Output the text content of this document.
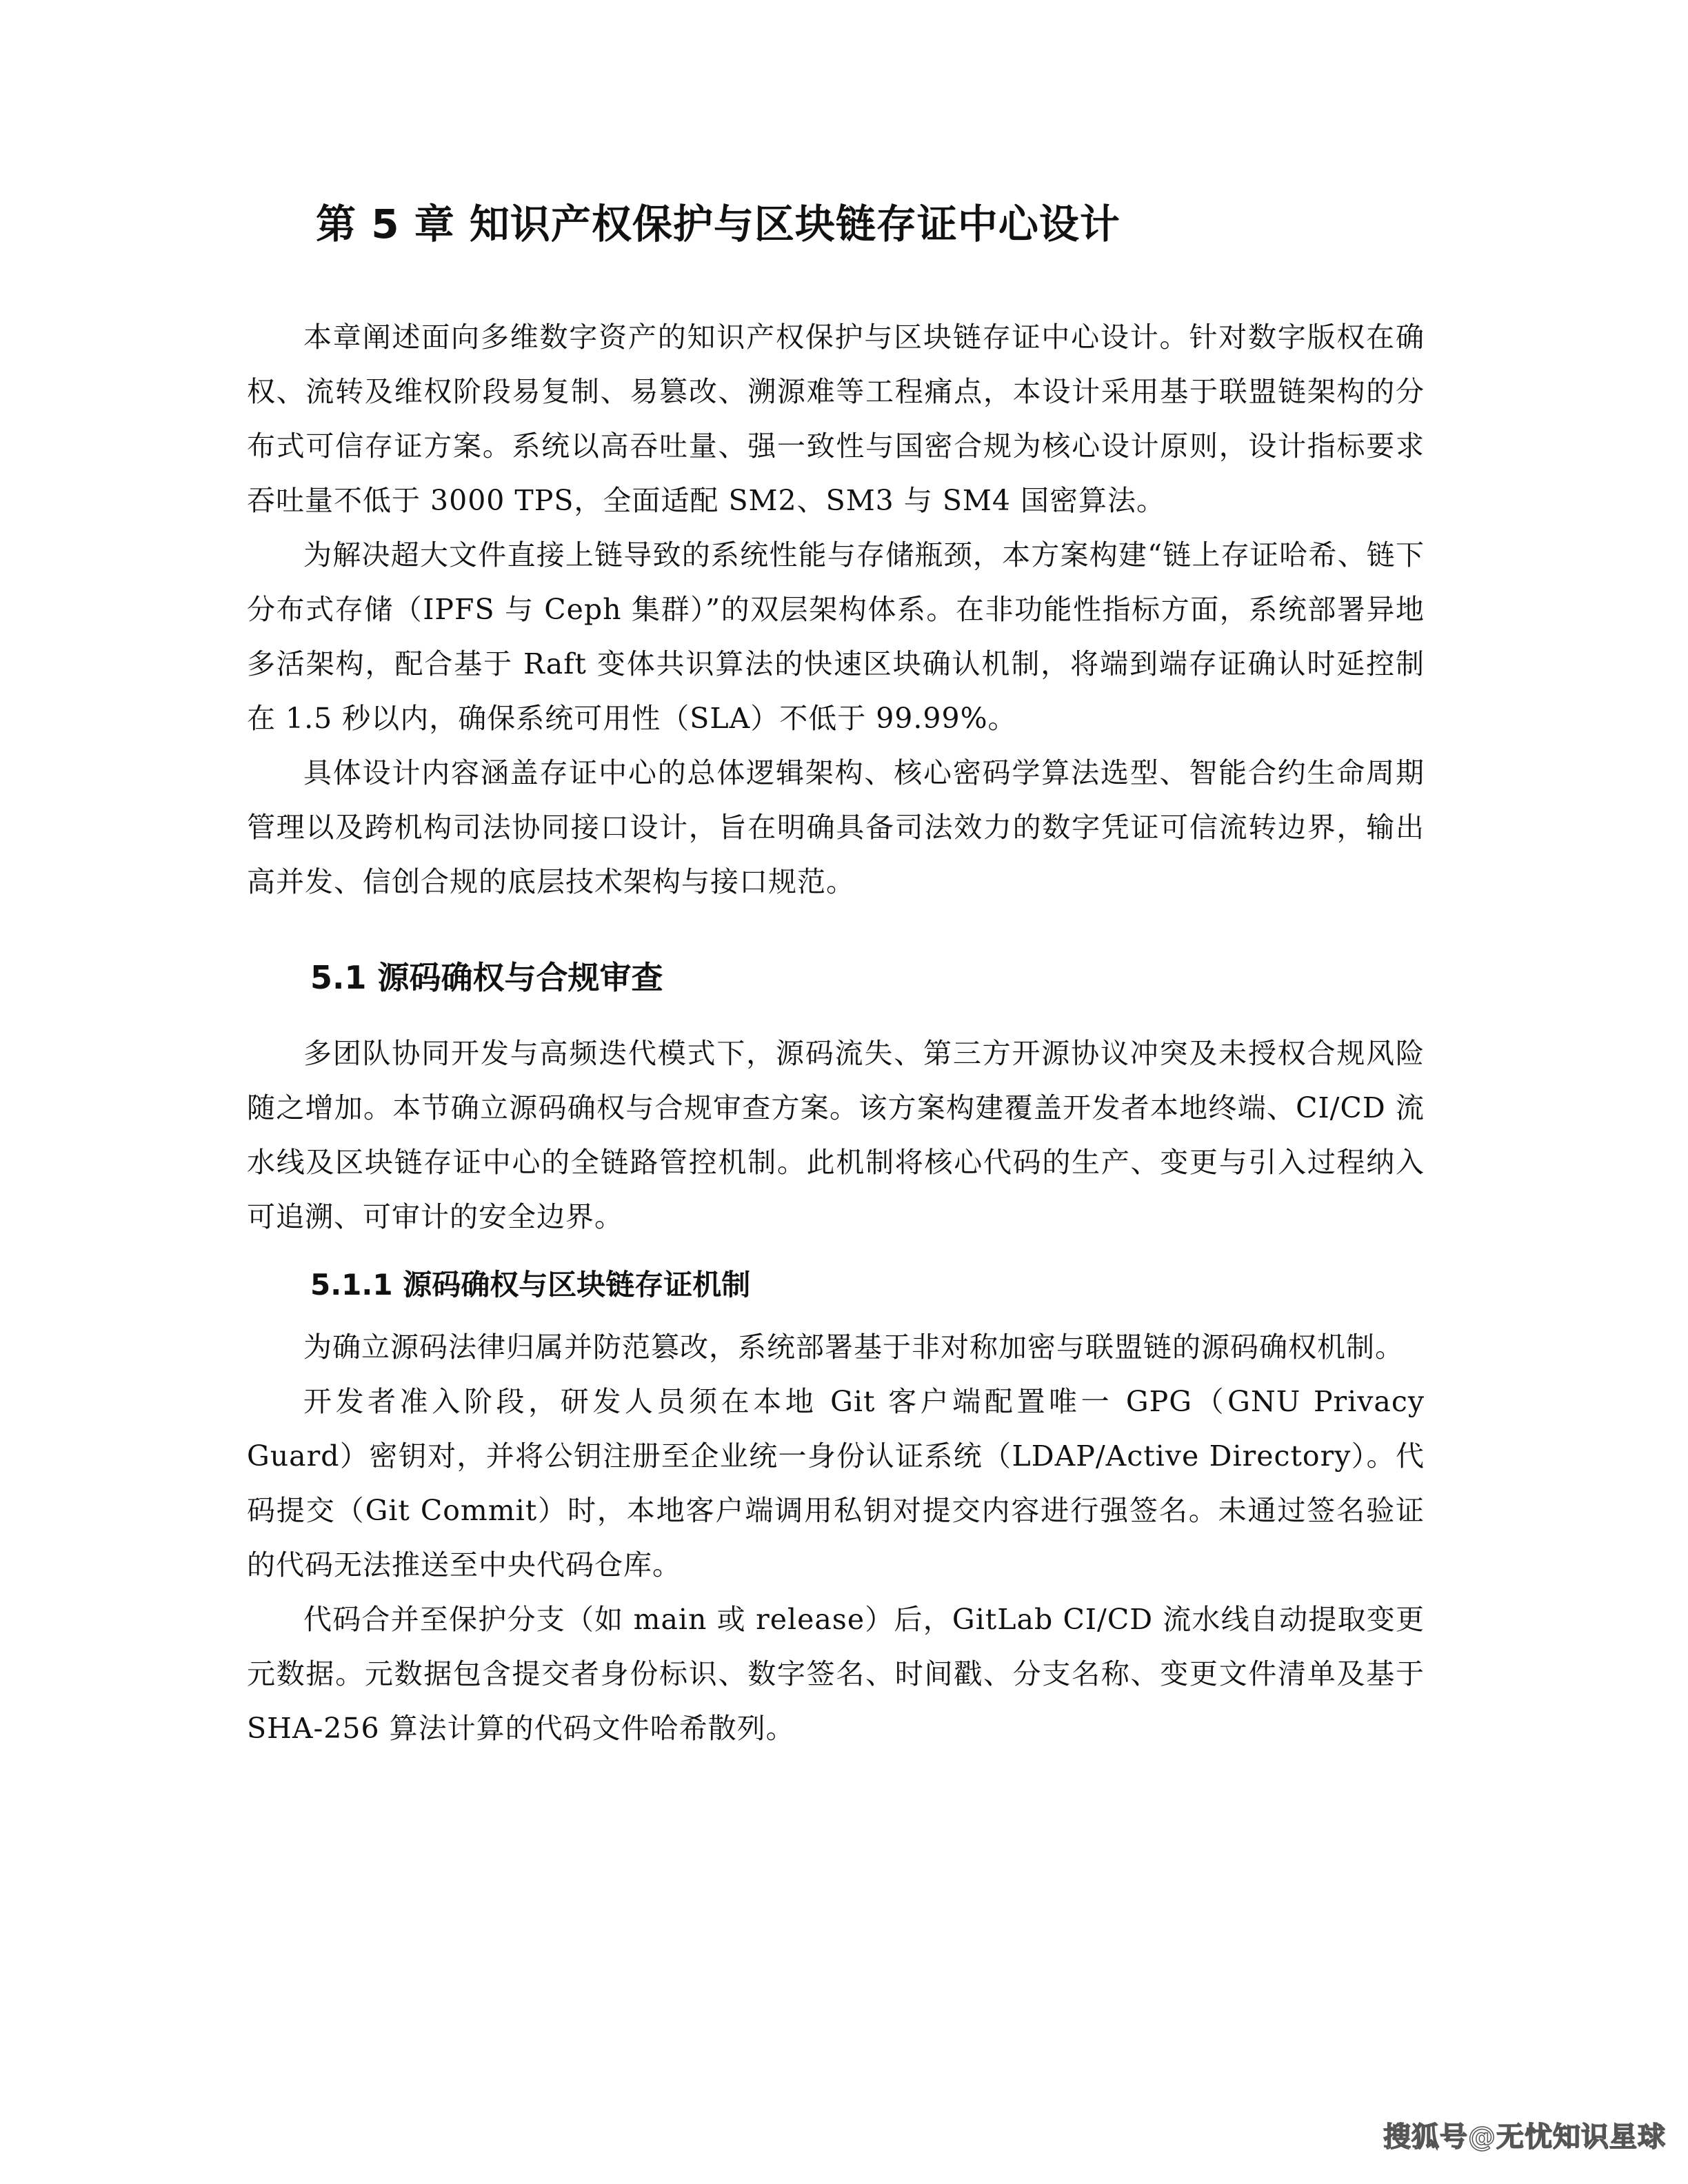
第 5 章 知识产权保护与区块链存证中心设计

本章阐述面向多维数字资产的知识产权保护与区块链存证中心设计。针对数字版权在确权、流转及维权阶段易复制、易篡改、溯源难等工程痛点，本设计采用基于联盟链架构的分布式可信存证方案。系统以高吞吐量、强一致性与国密合规为核心设计原则，设计指标要求吞吐量不低于 3000 TPS，全面适配 SM2、SM3 与 SM4 国密算法。

为解决超大文件直接上链导致的系统性能与存储瓶颈，本方案构建“链上存证哈希、链下分布式存储（IPFS 与 Ceph 集群）”的双层架构体系。在非功能性指标方面，系统部署异地多活架构，配合基于 Raft 变体共识算法的快速区块确认机制，将端到端存证确认时延控制在 1.5 秒以内，确保系统可用性（SLA）不低于 99.99%。

具体设计内容涵盖存证中心的总体逻辑架构、核心密码学算法选型、智能合约生命周期管理以及跨机构司法协同接口设计，旨在明确具备司法效力的数字凭证可信流转边界，输出高并发、信创合规的底层技术架构与接口规范。

5.1 源码确权与合规审查

多团队协同开发与高频迭代模式下，源码流失、第三方开源协议冲突及未授权合规风险随之增加。本节确立源码确权与合规审查方案。该方案构建覆盖开发者本地终端、CI/CD 流水线及区块链存证中心的全链路管控机制。此机制将核心代码的生产、变更与引入过程纳入可追溯、可审计的安全边界。

5.1.1 源码确权与区块链存证机制

为确立源码法律归属并防范篡改，系统部署基于非对称加密与联盟链的源码确权机制。

开发者准入阶段，研发人员须在本地 Git 客户端配置唯一 GPG（GNU Privacy Guard）密钥对，并将公钥注册至企业统一身份认证系统（LDAP/Active Directory）。代码提交（Git Commit）时，本地客户端调用私钥对提交内容进行强签名。未通过签名验证的代码无法推送至中央代码仓库。

代码合并至保护分支（如 main 或 release）后，GitLab CI/CD 流水线自动提取变更元数据。元数据包含提交者身份标识、数字签名、时间戳、分支名称、变更文件清单及基于 SHA-256 算法计算的代码文件哈希散列。

搜狐号@无忧知识星球
